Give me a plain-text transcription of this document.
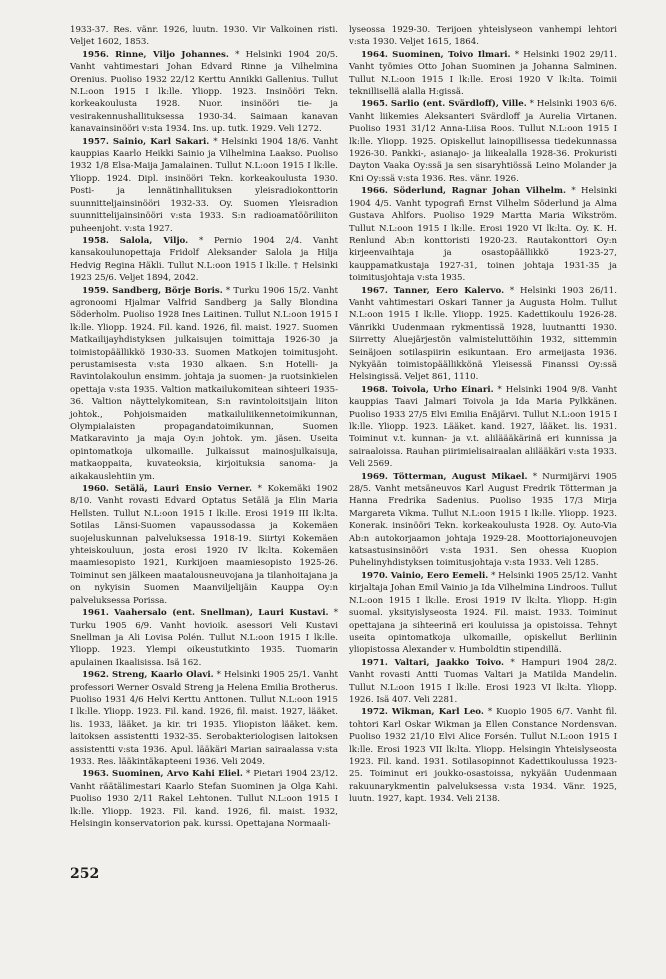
1933-37. Res. vänr. 1926, luutn. 1930. Vir Valkoinen risti. Veljet 1602, 1853.

1956. Rinne, Viljo Johannes. * Helsinki 1904 20/5. Vanht vahtimestari Johan Edvard Rinne ja Vilhelmina Orenius. Puoliso 1932 22/12 Kerttu Annikki Gallenius. Tullut N.L:oon 1915 I lk:lle. Yliopp. 1923. Insinööri Tekn. korkeakoulusta 1928. Nuor. insinööri tie- ja vesirakennushallituksessa 1930-34. Saimaan kanavan kanavainsinööri v:sta 1934. Ins. up. tutk. 1929. Veli 1272.

1957. Sainio, Karl Sakari. * Helsinki 1904 18/6. Vanht kauppias Kaarlo Heikki Sainio ja Vilhelmina Laakso. Puoliso 1932 1/8 Elsa-Maija Jamalainen. Tullut N.L:oon 1915 I lk:lle. Yliopp. 1924. Dipl. insinööri Tekn. korkeakoulusta 1930. Posti- ja lennätinhallituksen yleisradiokonttorin suunnitteljainsinööri 1932-33. Oy. Suomen Yleisradion suunnittelijainsinööri v:sta 1933. S:n radioamatööriliiton puheenjoht. v:sta 1927.

1958. Salola, Viljo. * Pernio 1904 2/4. Vanht kansakoulunopettaja Fridolf Aleksander Salola ja Hilja Hedvig Regina Häkli. Tullut N.L:oon 1915 I lk:lle. † Helsinki 1923 25/6. Veljet 1894, 2042.

1959. Sandberg, Börje Boris. * Turku 1906 15/2. Vanht agronoomi Hjalmar Valfrid Sandberg ja Sally Blondina Söderholm. Puoliso 1928 Ines Laitinen. Tullut N.L:oon 1915 I lk:lle. Yliopp. 1924. Fil. kand. 1926, fil. maist. 1927. Suomen Matkailijayhdistyksen julkaisujen toimittaja 1926-30 ja toimistopäällikkö 1930-33. Suomen Matkojen toimitusjoht. perustamisesta v:sta 1930 alkaen. S:n Hotelli- ja Ravintolakoulun ensimm. johtaja ja suomen- ja ruotsinkielen opettaja v:sta 1935. Valtion matkailukomitean sihteeri 1935-36. Valtion näyttelykomitean, S:n ravintoloitsijain liiton johtok., Pohjoismaiden matkailuliikennetoimikunnan, Olympialaisten propagandatoimikunnan, Suomen Matkaravinto ja maja Oy:n johtok. ym. jäsen. Useita opintomatkoja ulkomaille. Julkaissut mainosjulkaisuja, matkaoppaita, kuvateoksia, kirjoituksia sanoma- ja aikakauslehtiin ym.

1960. Setälä, Lauri Ensio Verner. * Kokemäki 1902 8/10. Vanht rovasti Edvard Optatus Setälä ja Elin Maria Hellsten. Tullut N.L:oon 1915 I lk:lle. Erosi 1919 III lk:lta. Sotilas Länsi-Suomen vapaussodassa ja Kokemäen suojeluskunnan palveluksessa 1918-19. Siirtyi Kokemäen yhteiskouluun, josta erosi 1920 IV lk:lta. Kokemäen maamiesopisto 1921, Kurkijoen maamiesopisto 1925-26. Toiminut sen jälkeen maatalousneuvojana ja tilanhoitajana ja on nykyisin Suomen Maanviljelijäin Kauppa Oy:n palveluksessa Porissa.

1961. Vaahersalo (ent. Snellman), Lauri Kustavi. * Turku 1905 6/9. Vanht hovioik. asessori Veli Kustavi Snellman ja Ali Lovisa Polén. Tullut N.L:oon 1915 I lk:lle. Yliopp. 1923. Ylempi oikeustutkinto 1935. Tuomarin apulainen Ikaalisissa. Isä 162.

1962. Streng, Kaarlo Olavi. * Helsinki 1905 25/1. Vanht professori Werner Osvald Streng ja Helena Emilia Brotherus. Puoliso 1931 4/6 Helvi Kerttu Anttonen. Tullut N.L:oon 1915 I lk:lle. Yliopp. 1923. Fil. kand. 1926, fil. maist. 1927, lääket. lis. 1933, lääket. ja kir. tri 1935. Yliopiston lääket. kem. laitoksen assistentti 1932-35. Serobakteriologisen laitoksen assistentti v:sta 1936. Apul. lääkäri Marian sairaalassa v:sta 1933. Res. lääkintäkapteeni 1936. Veli 2049.

1963. Suominen, Arvo Kahi Eliel. * Pietari 1904 23/12. Vanht räätälimestari Kaarlo Stefan Suominen ja Olga Kahi. Puoliso 1930 2/11 Rakel Lehtonen. Tullut N.L:oon 1915 I lk:lle. Yliopp. 1923. Fil. kand. 1926, fil. maist. 1932, Helsingin konservatorion pak. kurssi. Opettajana Normaali-

lyseossa 1929-30. Terijoen yhteislyseon vanhempi lehtori v:sta 1930. Veljet 1615, 1864.

1964. Suominen, Toivo Ilmari. * Helsinki 1902 29/11. Vanht työmies Otto Johan Suominen ja Johanna Salminen. Tullut N.L:oon 1915 I lk:lle. Erosi 1920 V lk:lta. Toimii teknillisellä alalla H:gissä.

1965. Sarlio (ent. Svärdloff), Ville. * Helsinki 1903 6/6. Vanht liikemies Aleksanteri Svärdloff ja Aurelia Virtanen. Puoliso 1931 31/12 Anna-Liisa Roos. Tullut N.L:oon 1915 I lk:lle. Yliopp. 1925. Opiskellut lainopillisessa tiedekunnassa 1926-30. Pankki-, asianajo- ja liikealalla 1928-36. Prokuristi Dayton Vaaka Oy:ssä ja sen sisaryhtiössä Leino Molander ja Kni Oy:ssä v:sta 1936. Res. vänr. 1926.

1966. Söderlund, Ragnar Johan Vilhelm. * Helsinki 1904 4/5. Vanht typografi Ernst Vilhelm Söderlund ja Alma Gustava Ahlfors. Puoliso 1929 Martta Maria Wikström. Tullut N.L:oon 1915 I lk:lle. Erosi 1920 VI lk:lta. Oy. K. H. Renlund Ab:n konttoristi 1920-23. Rautakonttori Oy:n kirjeenvaihtaja ja osastopäällikkö 1923-27, kauppamatkustaja 1927-31, toinen johtaja 1931-35 ja toimitusjohtaja v:sta 1935.

1967. Tanner, Eero Kalervo. * Helsinki 1903 26/11. Vanht vahtimestari Oskari Tanner ja Augusta Holm. Tullut N.L:oon 1915 I lk:lle. Yliopp. 1925. Kadettikoulu 1926-28. Vänrikki Uudenmaan rykmentissä 1928, luutnantti 1930. Siirretty Aluejärjestön valmisteluttöihin 1932, sittemmin Seinäjoen sotilaspiirin esikuntaan. Ero armeijasta 1936. Nykyään toimistopäällikkönä Yleisessä Finanssi Oy:ssä Helsingissä. Veljet 861, 1110.

1968. Toivola, Urho Einari. * Helsinki 1904 9/8. Vanht kauppias Taavi Jalmari Toivola ja Ida Maria Pylkkänen. Puoliso 1933 27/5 Elvi Emilia Enäjärvi. Tullut N.L:oon 1915 I lk:lle. Yliopp. 1923. Lääket. kand. 1927, lääket. lis. 1931. Toiminut v.t. kunnan- ja v.t. aliläääkärinä eri kunnissa ja sairaaloissa. Rauhan piirimielisairaalan alilääkäri v:sta 1933. Veli 2569.

1969. Tötterman, August Mikael. * Nurmijärvi 1905 28/5. Vanht metsäneuvos Karl August Fredrik Tötterman ja Hanna Fredrika Sadenius. Puoliso 1935 17/3 Mirja Margareta Vikma. Tullut N.L:oon 1915 I lk:lle. Yliopp. 1923. Konerak. insinööri Tekn. korkeakoulusta 1928. Oy. Auto-Via Ab:n autokorjaamon johtaja 1929-28. Moottoriajoneuvojen katsastusinsinööri v:sta 1931. Sen ohessa Kuopion Puhelinyhdistyksen toimitusjohtaja v:sta 1933. Veli 1285.

1970. Vainio, Eero Eemeli. * Helsinki 1905 25/12. Vanht kirjaltaja Johan Emil Vainio ja Ida Vilhelmina Lindroos. Tullut N.L:oon 1915 I lk:lle. Erosi 1919 IV lk:lta. Yliopp. H:gin suomal. yksityislyseosta 1924. Fil. maist. 1933. Toiminut opettajana ja sihteerinä eri kouluissa ja opistoissa. Tehnyt useita opintomatkoja ulkomaille, opiskellut Berliinin yliopistossa Alexander v. Humboldtin stipendillä.

1971. Valtari, Jaakko Toivo. * Hampuri 1904 28/2. Vanht rovasti Antti Tuomas Valtari ja Matilda Mandelin. Tullut N.L:oon 1915 I lk:lle. Erosi 1923 VI lk:lta. Yliopp. 1926. Isä 407. Veli 2281.

1972. Wikman, Karl Leo. * Kuopio 1905 6/7. Vanht fil. tohtori Karl Oskar Wikman ja Ellen Constance Nordensvan. Puoliso 1932 21/10 Elvi Alice Forsén. Tullut N.L:oon 1915 I lk:lle. Erosi 1923 VII lk:lta. Yliopp. Helsingin Yhteislyseosta 1923. Fil. kand. 1931. Sotilasopinnot Kadettikoulussa 1923-25. Toiminut eri joukko-osastoissa, nykyään Uudenmaan rakuunarykmentin palveluksessa v:sta 1934. Vänr. 1925, luutn. 1927, kapt. 1934. Veli 2138.

252
